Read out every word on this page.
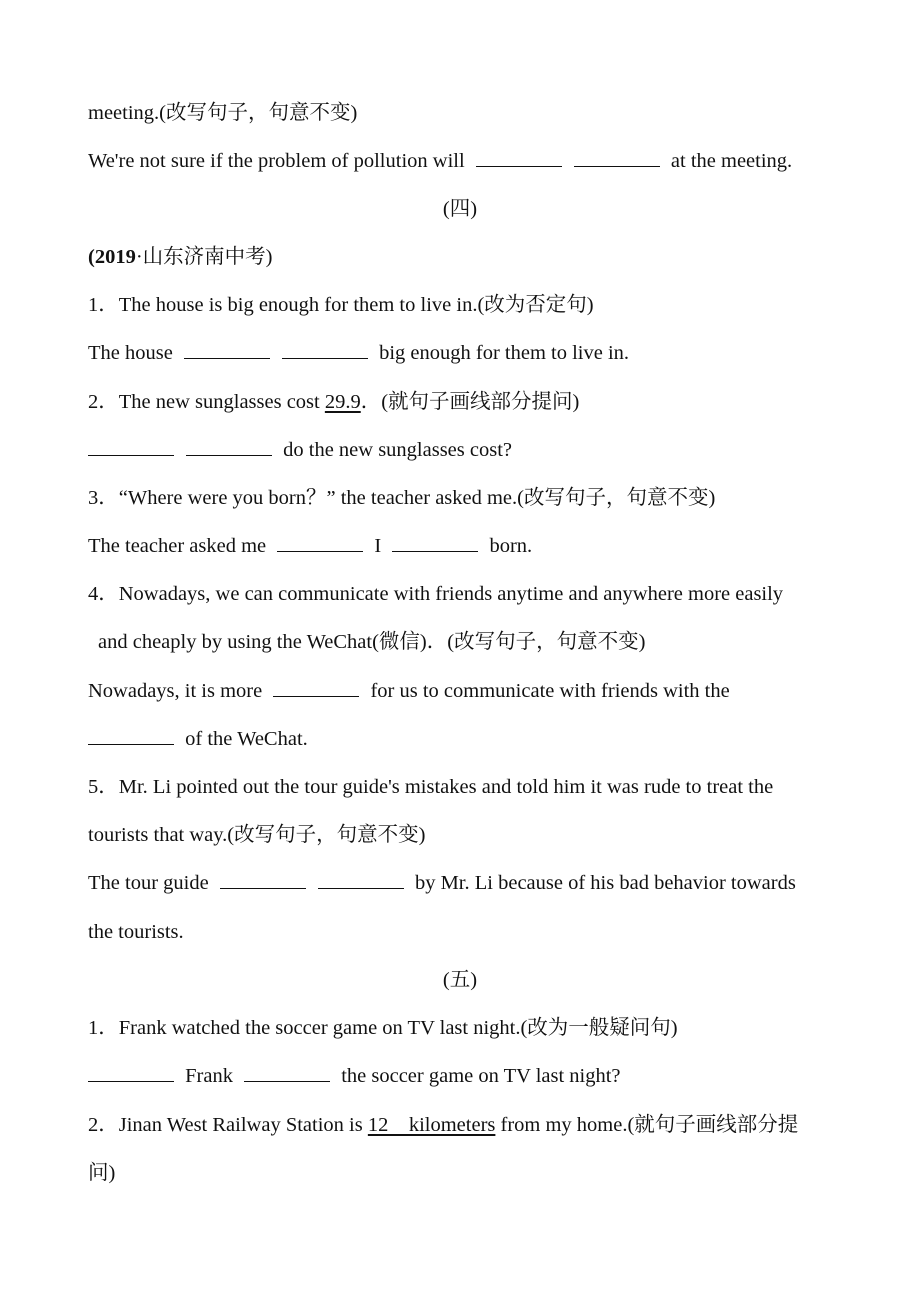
meeting.(改写句子，句意不变)
We're not sure if the problem of pollution will	at the meeting.
(四)
(2019·山东济南中考)
1．The house is big enough for them to live in.(改为否定句)
The house	big enough for them to live in.
2．The new sunglasses cost 29.9．(就句子画线部分提问)
do the new sunglasses cost?
3．“Where were you born？” the teacher asked me.(改写句子，句意不变)
The teacher asked me	I	born.
4．Nowadays, we can communicate with friends anytime and anywhere more easily
and cheaply by using the WeChat(微信)．(改写句子，句意不变)
Nowadays, it is more	for us to communicate with friends with the
of the WeChat.
5．Mr. Li pointed out the tour guide's mistakes and told him it was rude to treat the
tourists that way.(改写句子，句意不变)
The tour guide	by Mr. Li because of his bad behavior towards
the tourists.
(五)
1．Frank watched the soccer game on TV last night.(改为一般疑问句)
Frank	the soccer game on TV last night?
2．Jinan West Railway Station is 12    kilometers from my home.(就句子画线部分提
问)
